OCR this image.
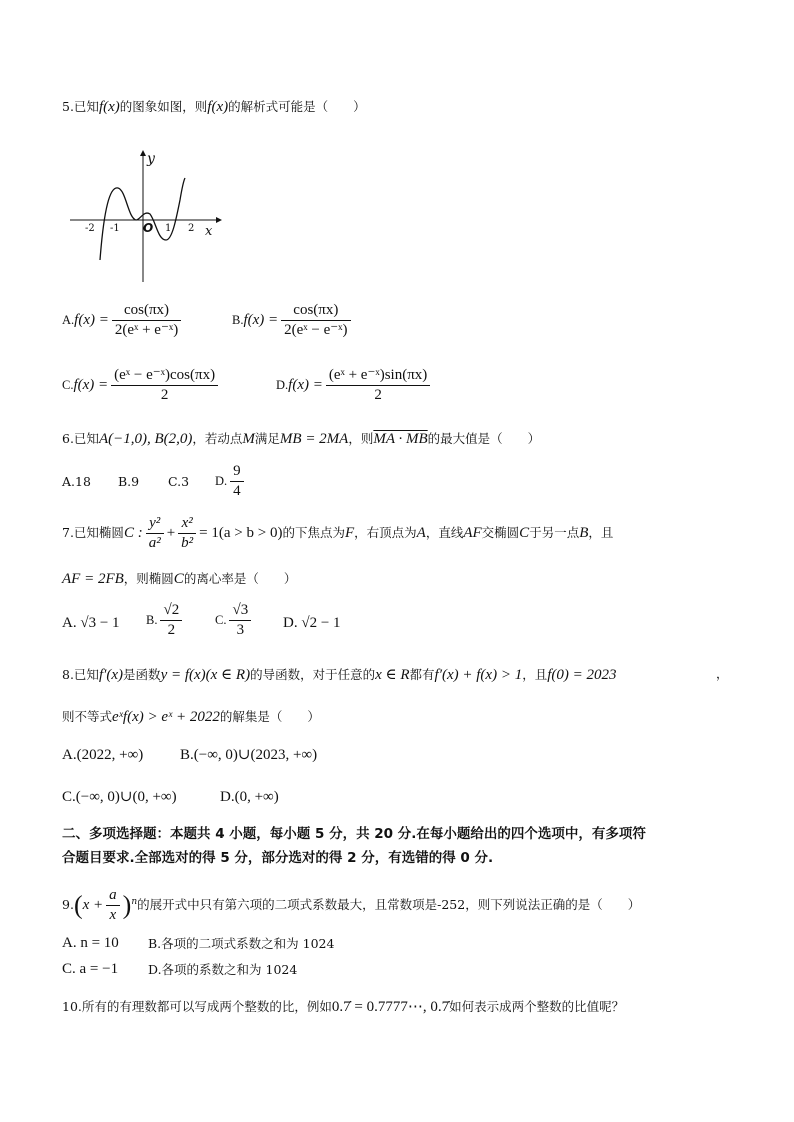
5.已知f(x)的图象如图，则f(x)的解析式可能是（　　）
y
x
O
-2 -1	1 2
$A.f(x) = \frac{\cos(\pi x)}{\text{2(eˣ + e⁻ˣ)}}$	$B.f(x) = \frac{\cos(\pi x)}{\text{2(eˣ − e⁻ˣ)}}$
$C.f(x) = \frac{\text{(eˣ − e⁻ˣ)cos(πx)}}{2}$	$D.f(x) = \frac{\text{(eˣ + e⁻ˣ)sin(πx)}}{2}$
6.已知A(−1,0), B(2,0)，若动点M满足MB = 2MA，则MA · MB的最大值是（　　）
A.18 B.9 C.3 D. $\frac{9}{4}$
7.已知椭圆C : $\frac{\text{y²}}{\text{a²}} + \frac{\text{x²}}{\text{b²}} = 1(a > b > 0)$的下焦点为F，右顶点为A，直线AF交椭圆C于另一点B，且
AF = 2FB，则椭圆C的离心率是（　　）
A. √3 − 1 B. $\frac{√2}{2}$	C. $\frac{√3}{3} D$. √2 − 1
8.已知f′(x)是函数y = f(x)(x ∈ R)的导函数，对于任意的x ∈ R都有f′(x) + f(x) > 1，且f(0) = 2023	，
则不等式eˣf(x) > eˣ + 2022的解集是（　　）
A.(2022, +∞) B.(−∞, 0)∪(2023, +∞)
C.(−∞, 0)∪(0, +∞)	D.(0, +∞)
二、多项选择题：本题共 4 小题，每小题 5 分，共 20 分.在每小题给出的四个选项中，有多项符
合题目要求.全部选对的得 5 分，部分选对的得 2 分，有选错的得 0 分.
$9.(x + \frac{a}{x} )^n$的展开式中只有第六项的二项式系数最大，且常数项是-252，则下列说法正确的是（　　）
A. n = 10 B.各项的二项式系数之和为 1024
C. a = −1 D.各项的系数之和为 1024
10.所有的有理数都可以写成两个整数的比，例如0.7̇ = 0.7777⋯, 0.7̇如何表示成两个整数的比值呢？
